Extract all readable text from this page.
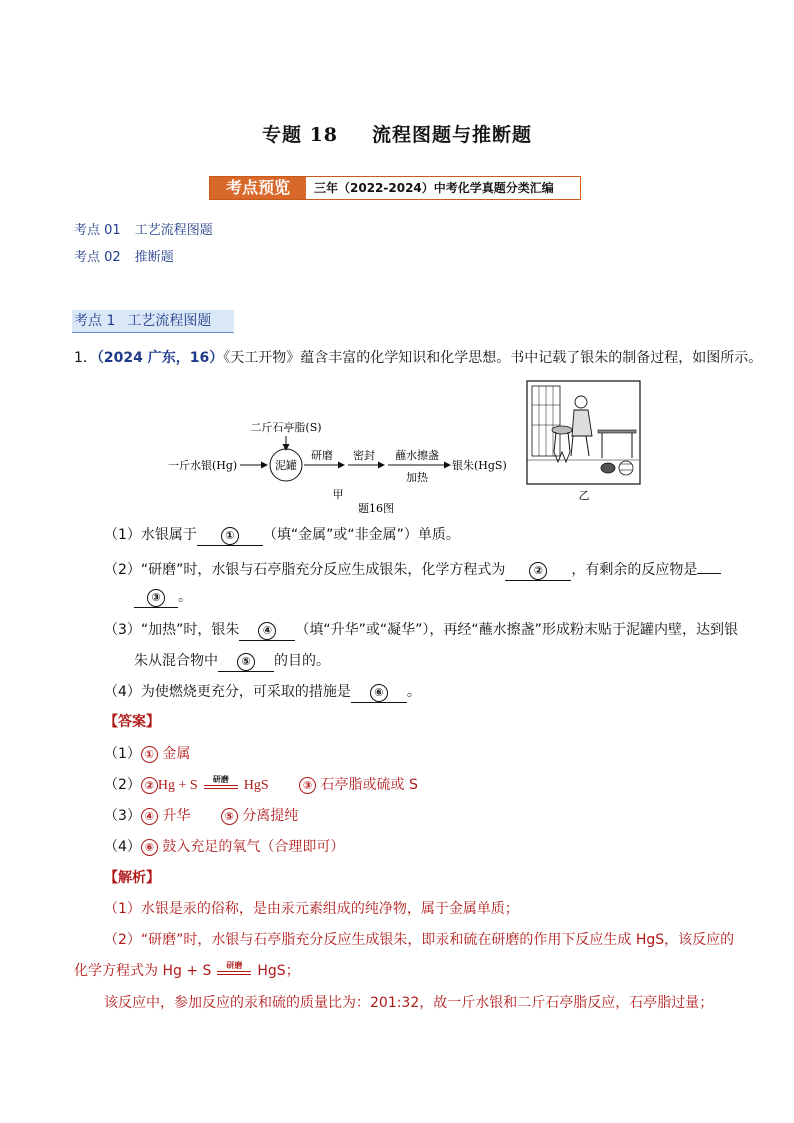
专题 18 流程图题与推断题
考点预览	三年（2022-2024）中考化学真题分类汇编
考点 01 工艺流程图题
考点 02 推断题
考点 1 工艺流程图题
1．（2024 广东，16）《天工开物》蕴含丰富的化学知识和化学思想。书中记载了银朱的制备过程，如图所示。
二斤石亭脂(S)
一斤水银(Hg)	泥罐
研磨 密封 蘸水擦盏
加热
银朱(HgS)
甲
题16图
乙
（1）水银属于	① （填“金属”或“非金属”）单质。
（2）“研磨”时，水银与石亭脂充分反应生成银朱，化学方程式为	② ，有剩余的反应物是
③ 。
（3）“加热”时，银朱 ④ （填“升华”或“凝华”），再经“蘸水擦盏”形成粉末贴于泥罐内壁，达到银
朱从混合物中 ⑤ 的目的。
（4）为使燃烧更充分，可采取的措施是 ⑥ 。
【答案】
（1） ① 金属
（2） ② Hg + S	研磨	HgS	③ 石亭脂或硫或 S
（3） ④ 升华	⑤ 分离提纯
（4） ⑥ 鼓入充足的氧气（合理即可）
【解析】
（1）水银是汞的俗称，是由汞元素组成的纯净物，属于金属单质；
（2）“研磨”时，水银与石亭脂充分反应生成银朱，即汞和硫在研磨的作用下反应生成 HgS，该反应的
化学方程式为 Hg + S	研磨	HgS；
该反应中，参加反应的汞和硫的质量比为：201:32，故一斤水银和二斤石亭脂反应，石亭脂过量；
